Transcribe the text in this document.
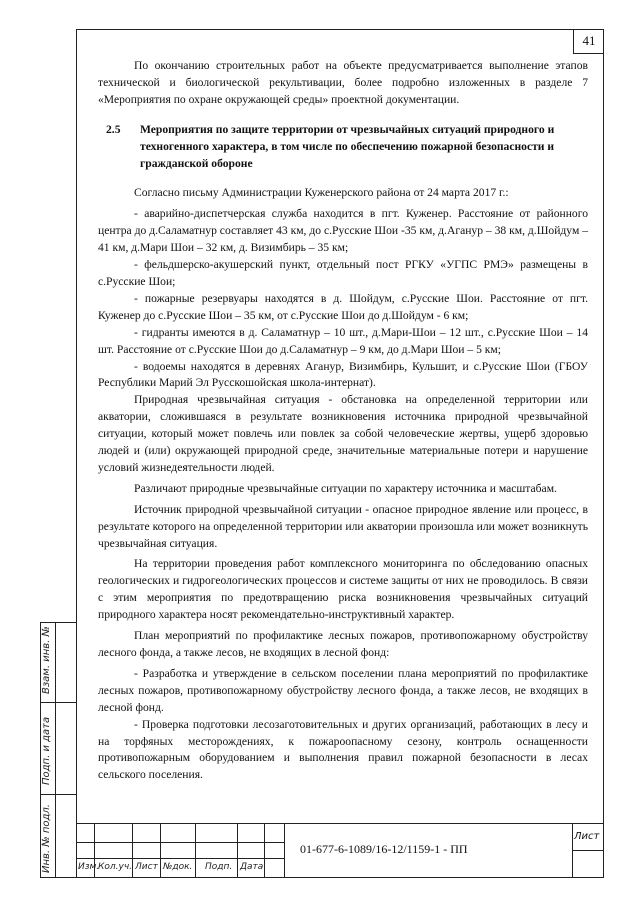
41

По окончанию строительных работ на объекте предусматривается выполнение этапов технической и биологической рекультивации, более подробно изложенных в разделе 7 «Мероприятия по охране окружающей среды» проектной документации.

2.5	Мероприятия по защите территории от чрезвычайных ситуаций природного и техногенного характера, в том числе по обеспечению пожарной безопасности и гражданской обороне

Согласно письму Администрации Куженерского района от 24 марта 2017 г.:

- аварийно-диспетчерская служба находится в пгт. Куженер. Расстояние от районного центра до д.Саламатнур составляет 43 км, до с.Русские Шои -35 км, д.Aганур – 38 км, д.Шойдум – 41 км, д.Мари Шои – 32 км, д. Визимбирь – 35 км;

- фельдшерско-акушерский пункт, отдельный пост РГКУ «УГПС РМЭ» размещены в с.Русские Шои;

- пожарные резервуары находятся в д. Шойдум, с.Русские Шои. Расстояние от пгт. Куженер до с.Русские Шои – 35 км, от с.Русские Шои до д.Шойдум - 6 км;

- гидранты имеются в д. Саламатнур – 10 шт., д.Мари-Шои – 12 шт., с.Русские Шои – 14 шт. Расстояние от с.Русские Шои до д.Саламатнур – 9 км, до д.Мари Шои – 5 км;

- водоемы находятся в деревнях Аганур, Визимбирь, Кульшит, и с.Русские Шои (ГБОУ Республики Марий Эл Русскошойская школа-интернат).

Природная чрезвычайная ситуация - обстановка на определенной территории или акватории, сложившаяся в результате возникновения источника природной чрезвычайной ситуации, который может повлечь или повлек за собой человеческие жертвы, ущерб здоровью людей и (или) окружающей природной среде, значительные материальные потери и нарушение условий жизнедеятельности людей.

Различают природные чрезвычайные ситуации по характеру источника и масштабам.

Источник природной чрезвычайной ситуации - опасное природное явление или процесс, в результате которого на определенной территории или акватории произошла или может возникнуть чрезвычайная ситуация.

На территории проведения работ комплексного мониторинга по обследованию опасных геологических и гидрогеологических процессов и системе защиты от них не проводилось. В связи с этим мероприятия по предотвращению риска возникновения чрезвычайных ситуаций природного характера носят рекомендательно-инструктивный характер.

План мероприятий по профилактике лесных пожаров, противопожарному обустройству лесного фонда, а также лесов, не входящих в лесной фонд:

- Разработка и утверждение в сельском поселении плана мероприятий по профилактике лесных пожаров, противопожарному обустройству лесного фонда, а также лесов, не входящих в лесной фонд.

- Проверка подготовки лесозаготовительных и других организаций, работающих в лесу и на торфяных месторождениях, к пожароопасному сезону, контроль оснащенности противопожарным оборудованием и выполнения правил пожарной безопасности в лесах сельского поселения.

Взам. инв. №
Подп. и дата
Инв. № подл.	Изм.
Кол.уч. Лист №док. Подп. Дата
01-677-6-1089/16-12/1159-1 - ПП
Лист
